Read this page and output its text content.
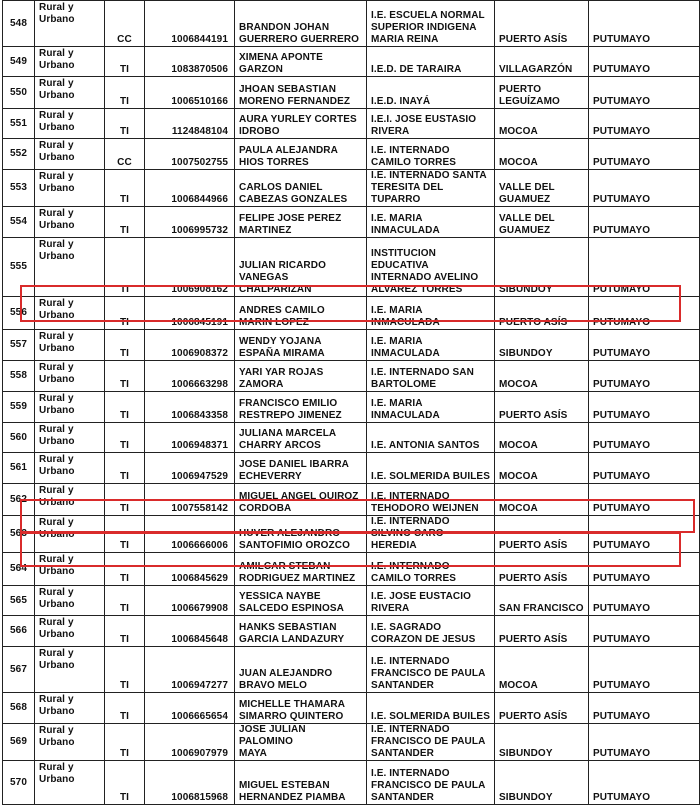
548	Rural y Urbano	CC	1006844191	BRANDON JOHAN
GUERRERO GUERRERO	I.E. ESCUELA NORMAL
SUPERIOR INDIGENA
MARIA REINA	PUERTO ASÍS	PUTUMAYO
549	Rural y Urbano	TI	1083870506	XIMENA APONTE
GARZON	I.E.D. DE TARAIRA	VILLAGARZÓN	PUTUMAYO
550	Rural y Urbano	TI	1006510166	JHOAN SEBASTIAN
MORENO FERNANDEZ	I.E.D. INAYÁ	PUERTO
LEGUÍZAMO	PUTUMAYO
551	Rural y Urbano	TI	1124848104	AURA YURLEY CORTES
IDROBO	I.E.I. JOSE EUSTASIO
RIVERA	MOCOA	PUTUMAYO
552	Rural y Urbano	CC	1007502755	PAULA ALEJANDRA
HIOS TORRES	I.E. INTERNADO
CAMILO TORRES	MOCOA	PUTUMAYO
553	Rural y Urbano	TI	1006844966	CARLOS DANIEL
CABEZAS GONZALES	I.E. INTERNADO SANTA
TERESITA DEL TUPARRO	VALLE DEL
GUAMUEZ	PUTUMAYO
554	Rural y Urbano	TI	1006995732	FELIPE JOSE PEREZ
MARTINEZ	I.E. MARIA
INMACULADA	VALLE DEL
GUAMUEZ	PUTUMAYO
555	Rural y Urbano	TI	1006908162	JULIAN RICARDO
VANEGAS
CHALPARIZAN	INSTITUCION
EDUCATIVA
INTERNADO AVELINO
ALVAREZ TORRES	SIBUNDOY	PUTUMAYO
556	Rural y Urbano	TI	1006845191	ANDRES CAMILO
MARIN LOPEZ	I.E. MARIA
INMACULADA	PUERTO ASÍS	PUTUMAYO
557	Rural y Urbano	TI	1006908372	WENDY YOJANA
ESPAÑA MIRAMA	I.E. MARIA
INMACULADA	SIBUNDOY	PUTUMAYO
558	Rural y Urbano	TI	1006663298	YARI YAR ROJAS
ZAMORA	I.E. INTERNADO SAN
BARTOLOME	MOCOA	PUTUMAYO
559	Rural y Urbano	TI	1006843358	FRANCISCO EMILIO
RESTREPO JIMENEZ	I.E. MARIA
INMACULADA	PUERTO ASÍS	PUTUMAYO
560	Rural y Urbano	TI	1006948371	JULIANA MARCELA
CHARRY ARCOS	I.E. ANTONIA SANTOS	MOCOA	PUTUMAYO
561	Rural y Urbano	TI	1006947529	JOSE DANIEL IBARRA
ECHEVERRY	I.E. SOLMERIDA BUILES	MOCOA	PUTUMAYO
562	Rural y Urbano	TI	1007558142	MIGUEL ANGEL QUIROZ
CORDOBA	I.E. INTERNADO
TEHODORO WEIJNEN	MOCOA	PUTUMAYO
563	Rural y Urbano	TI	1006666006	HUVER ALEJANDRO
SANTOFIMIO OROZCO	I.E. INTERNADO
SILVINO CARO HEREDIA	PUERTO ASÍS	PUTUMAYO
564	Rural y Urbano	TI	1006845629	AMILCAR STEBAN
RODRIGUEZ MARTINEZ	I.E. INTERNADO
CAMILO TORRES	PUERTO ASÍS	PUTUMAYO
565	Rural y Urbano	TI	1006679908	YESSICA NAYBE
SALCEDO ESPINOSA	I.E. JOSE EUSTACIO
RIVERA	SAN FRANCISCO	PUTUMAYO
566	Rural y Urbano	TI	1006845648	HANKS SEBASTIAN
GARCIA LANDAZURY	I.E. SAGRADO
CORAZON DE JESUS	PUERTO ASÍS	PUTUMAYO
567	Rural y Urbano	TI	1006947277	JUAN ALEJANDRO
BRAVO MELO	I.E. INTERNADO
FRANCISCO DE PAULA
SANTANDER	MOCOA	PUTUMAYO
568	Rural y Urbano	TI	1006665654	MICHELLE THAMARA
SIMARRO QUINTERO	I.E. SOLMERIDA BUILES	PUERTO ASÍS	PUTUMAYO
569	Rural y Urbano	TI	1006907979	JOSE JULIAN PALOMINO
MAYA	I.E. INTERNADO
FRANCISCO DE PAULA
SANTANDER	SIBUNDOY	PUTUMAYO
570	Rural y Urbano	TI	1006815968	MIGUEL ESTEBAN
HERNANDEZ PIAMBA	I.E. INTERNADO
FRANCISCO DE PAULA
SANTANDER	SIBUNDOY	PUTUMAYO
